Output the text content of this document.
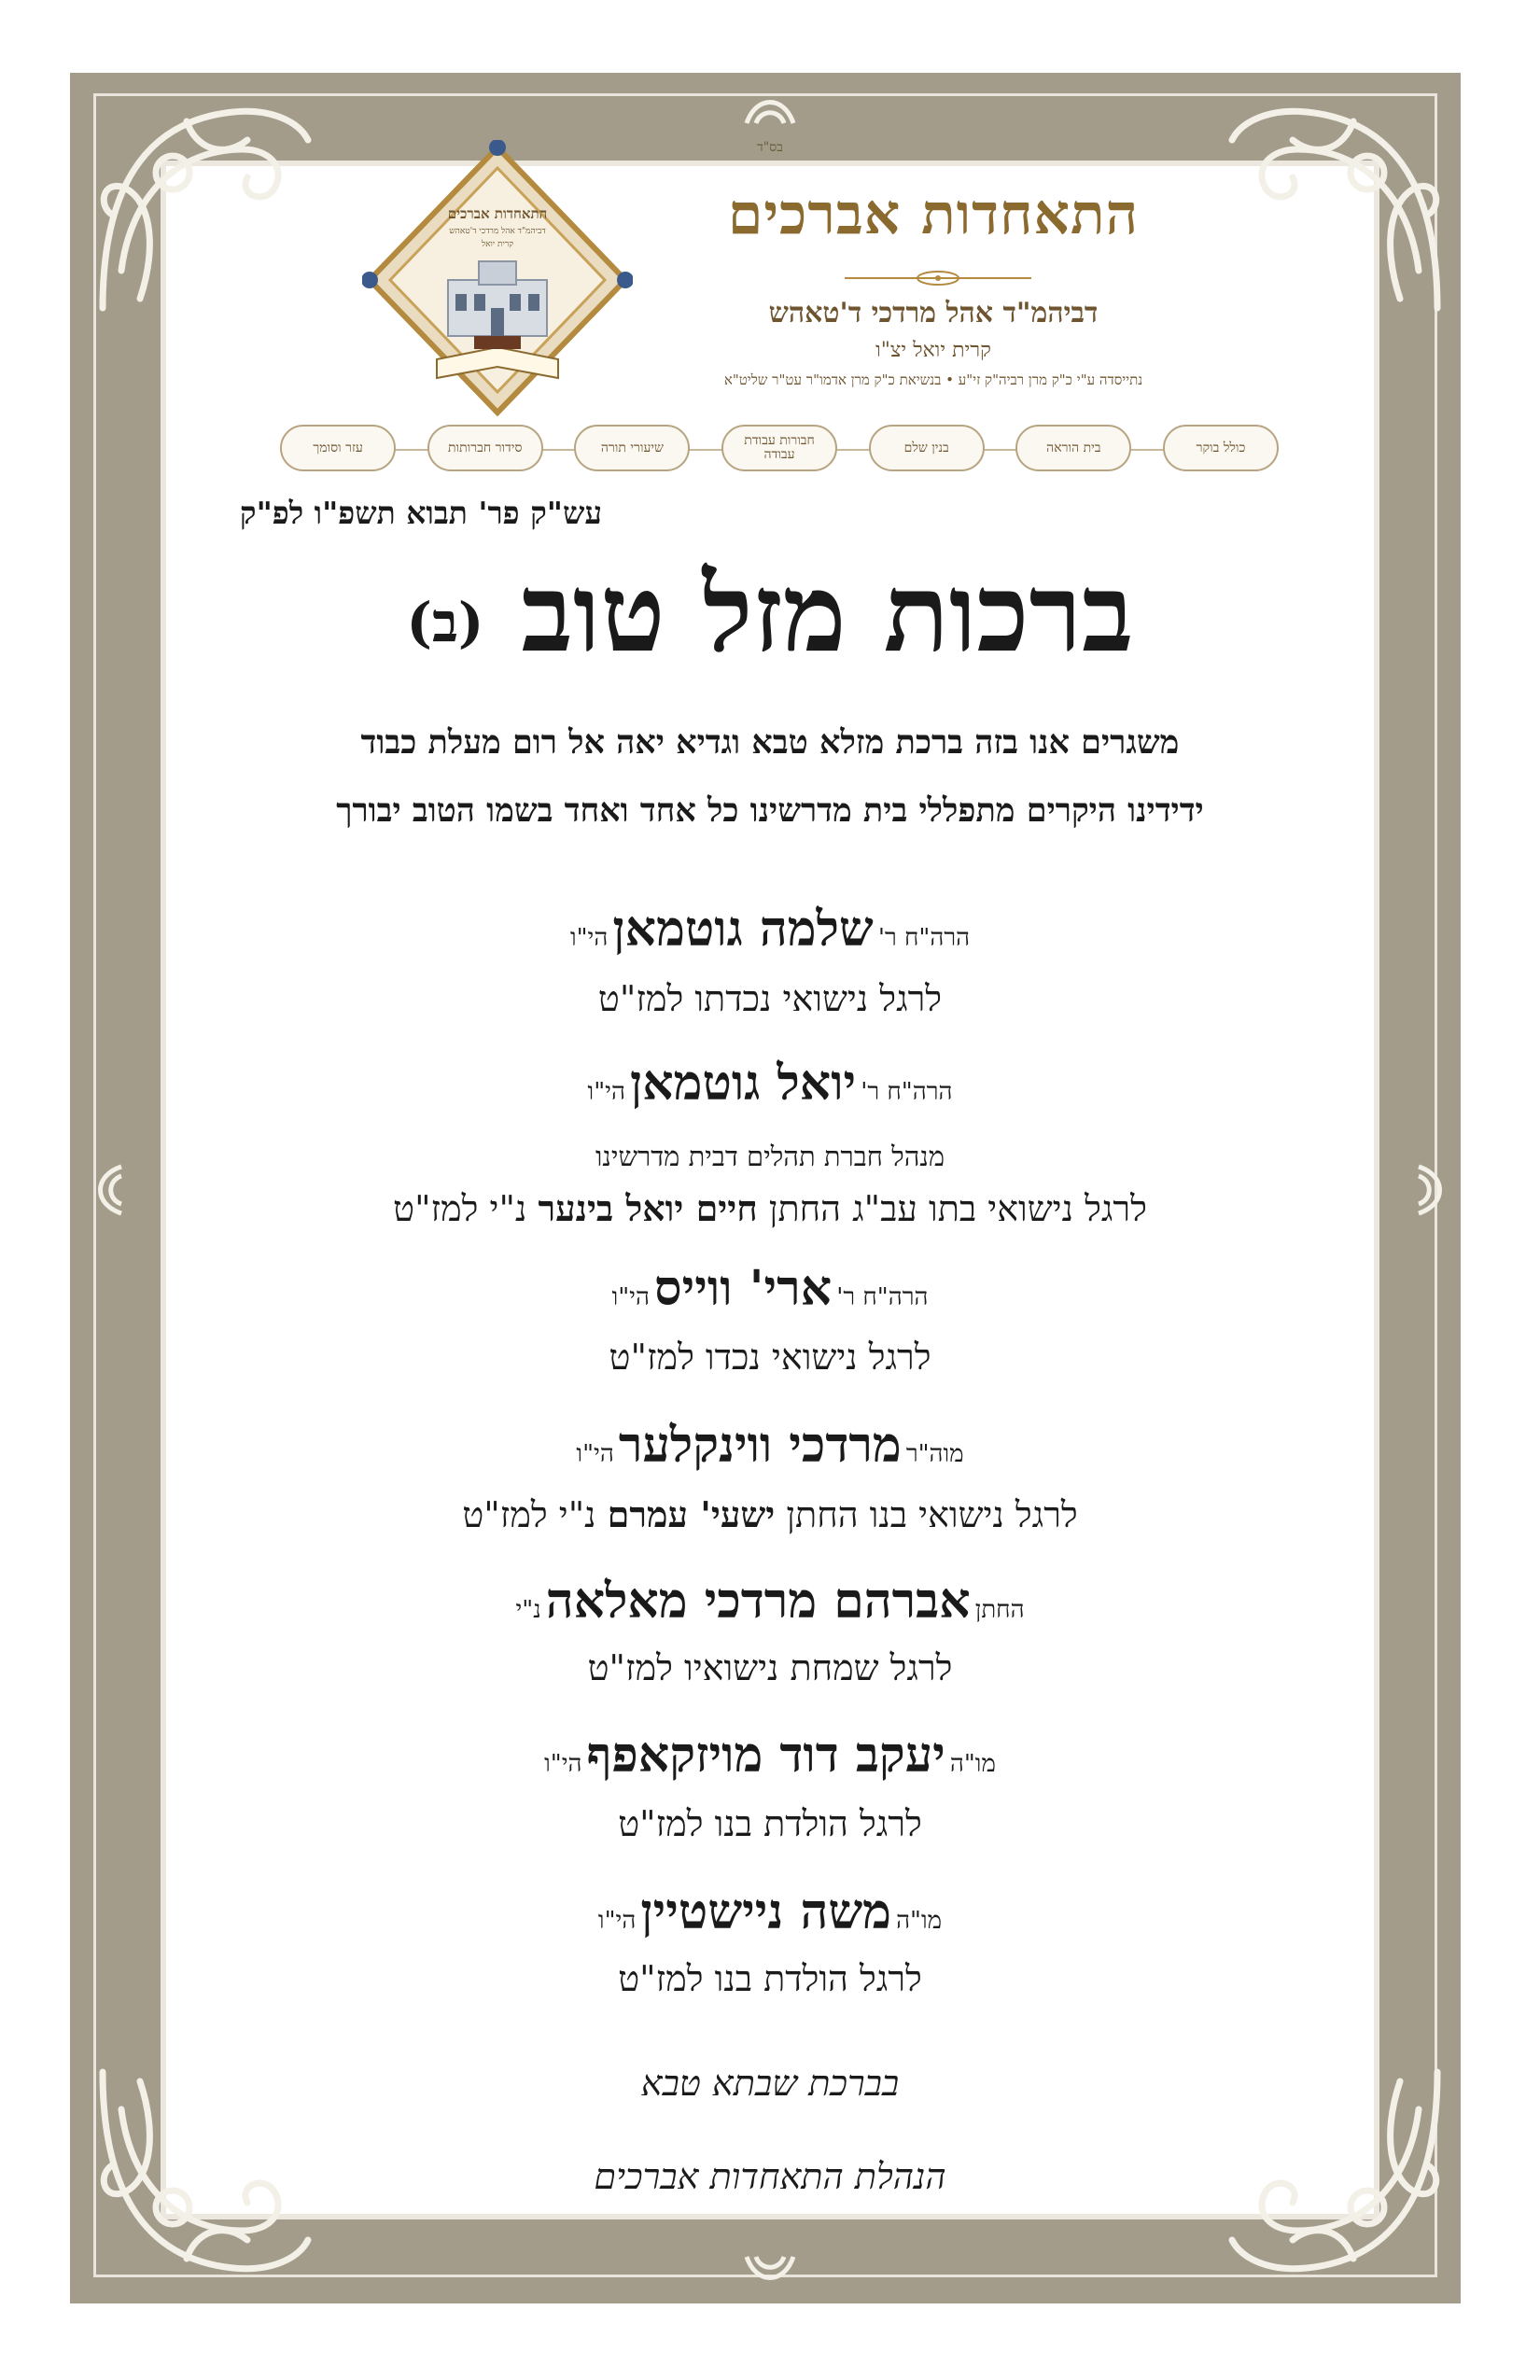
בס"ד
התאחדות אברכים
דביהמ"ד אהל מרדכי ד'טאהש
קרית יואל	התאחדות אברכים
דביהמ"ד אהל מרדכי ד'טאהש
קרית יואל יצ"ו
נתייסדה ע"י כ"ק מרן רביה"ק זי"ע • בנשיאת כ"ק מרן אדמו"ר עט"ר שליט"א
כולל בוקר
בית הוראה
בנין שלם
חבורות עבודת עבודה
שיעורי תורה
סידור חברותות
עזר וסומך
עש"ק פר' תבוא תשפ"ו לפ"ק
ברכות מזל טוב (ב)
משגרים אנו בזה ברכת מזלא טבא וגדיא יאה אל רום מעלת כבוד
ידידינו היקרים מתפללי בית מדרשינו כל אחד ואחד בשמו הטוב יבורך
הרה"ח ר' שלמה גוטמאן הי"ו
לרגל נישואי נכדתו למז"ט
הרה"ח ר' יואל גוטמאן הי"ו
מנהל חברת תהלים דבית מדרשינו
לרגל נישואי בתו עב"ג החתן חיים יואל בינער נ"י למז"ט
הרה"ח ר' ארי' ווייס הי"ו
לרגל נישואי נכדו למז"ט
מוה"ר מרדכי ווינקלער הי"ו
לרגל נישואי בנו החתן ישעי' עמרם נ"י למז"ט
החתן אברהם מרדכי מאלאה נ"י
לרגל שמחת נישואיו למז"ט
מו"ה יעקב דוד מויזקאפף הי"ו
לרגל הולדת בנו למז"ט
מו"ה משה ניישטיין הי"ו
לרגל הולדת בנו למז"ט
בברכת שבתא טבא
הנהלת התאחדות אברכים
